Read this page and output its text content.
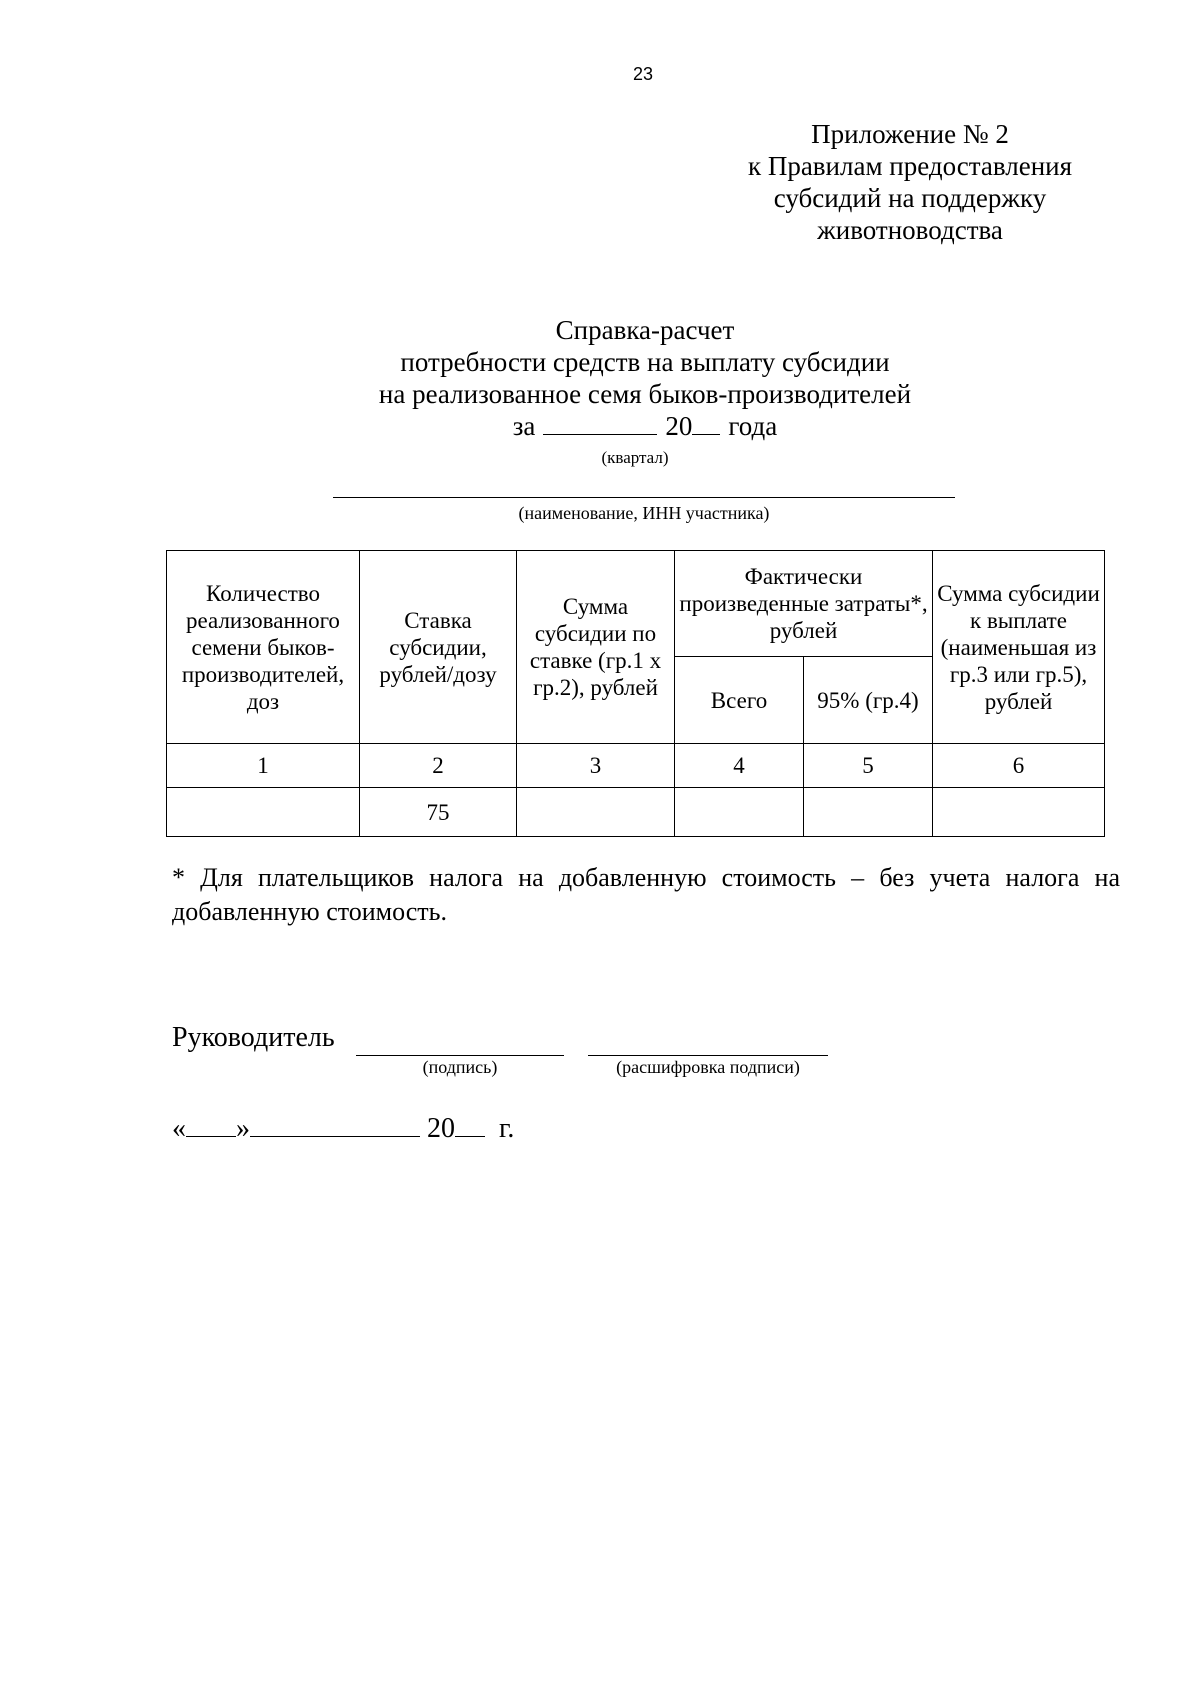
23
Приложение № 2
к Правилам предоставления
субсидий на поддержку
животноводства
Справка-расчет
потребности средств на выплату субсидии
на реализованное семя быков-производителей
за	20 года
(квартал)
(наименование, ИНН участника)
Количество реализованного семени быков-производителей, доз	Ставка субсидии, рублей/дозу	Сумма субсидии по ставке (гр.1 х гр.2), рублей	Фактически произведенные затраты*, рублей		Сумма субсидии к выплате (наименьшая из гр.3 или гр.5), рублей
			Всего	95% (гр.4)	
1	2	3	4	5	6
	75				
* Для плательщиков налога на добавленную стоимость – без учета налога на добавленную стоимость.
Руководитель
(подпись)	(расшифровка подписи)
« »	20 г.
